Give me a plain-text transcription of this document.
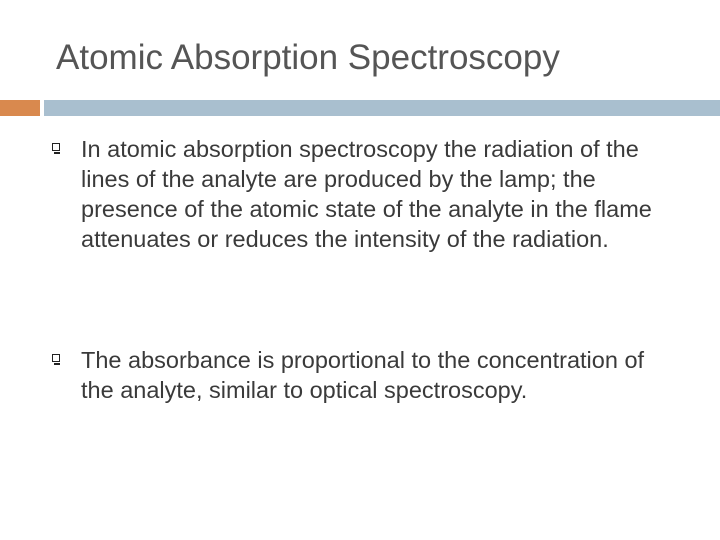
Atomic Absorption Spectroscopy

In atomic absorption spectroscopy the radiation of the lines of the analyte are produced by the lamp; the presence of the atomic state of the analyte in the flame attenuates or reduces the intensity of the radiation.

The absorbance is proportional to the concentration of the analyte, similar to optical spectroscopy.
